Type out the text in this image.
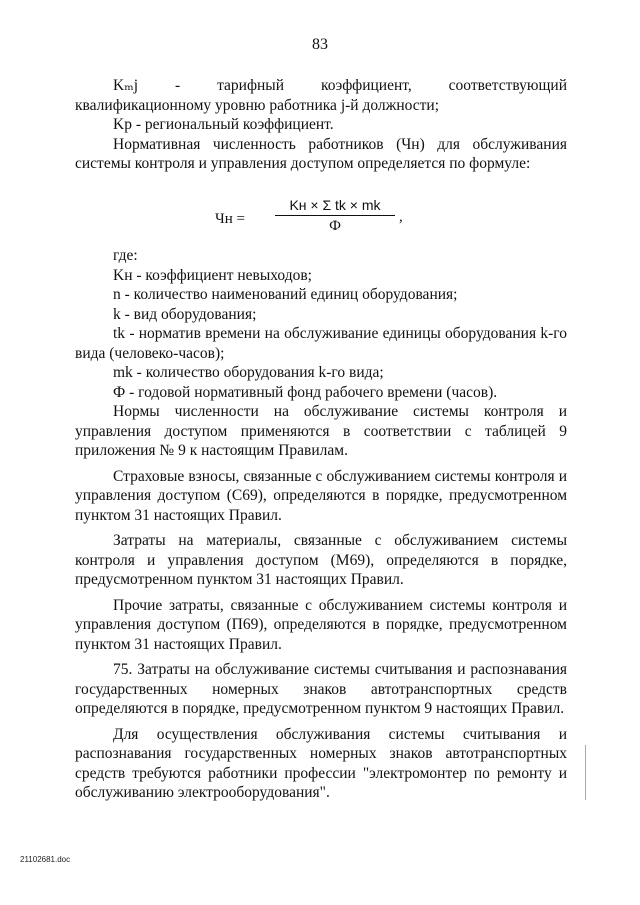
83

Kₘj - тарифный коэффициент, соответствующий квалификационному уровню работника j-й должности;

Kр - региональный коэффициент.

Нормативная численность работников (Чн) для обслуживания системы контроля и управления доступом определяется по формуле:

Чн =
Kн × Σ tk × mk
Ф
,

где:

Kн - коэффициент невыходов;

n - количество наименований единиц оборудования;

k - вид оборудования;

tk - норматив времени на обслуживание единицы оборудования k-го вида (человеко-часов);

mk - количество оборудования k-го вида;

Ф - годовой нормативный фонд рабочего времени (часов).

Нормы численности на обслуживание системы контроля и управления доступом применяются в соответствии с таблицей 9 приложения № 9 к настоящим Правилам.

Страховые взносы, связанные с обслуживанием системы контроля и управления доступом (C69), определяются в порядке, предусмотренном пунктом 31 настоящих Правил.

Затраты на материалы, связанные с обслуживанием системы контроля и управления доступом (M69), определяются в порядке, предусмотренном пунктом 31 настоящих Правил.

Прочие затраты, связанные с обслуживанием системы контроля и управления доступом (П69), определяются в порядке, предусмотренном пунктом 31 настоящих Правил.

75. Затраты на обслуживание системы считывания и распознавания государственных номерных знаков автотранспортных средств определяются в порядке, предусмотренном пунктом 9 настоящих Правил.

Для осуществления обслуживания системы считывания и распознавания государственных номерных знаков автотранспортных средств требуются работники профессии "электромонтер по ремонту и обслуживанию электрооборудования".

21102681.doc
